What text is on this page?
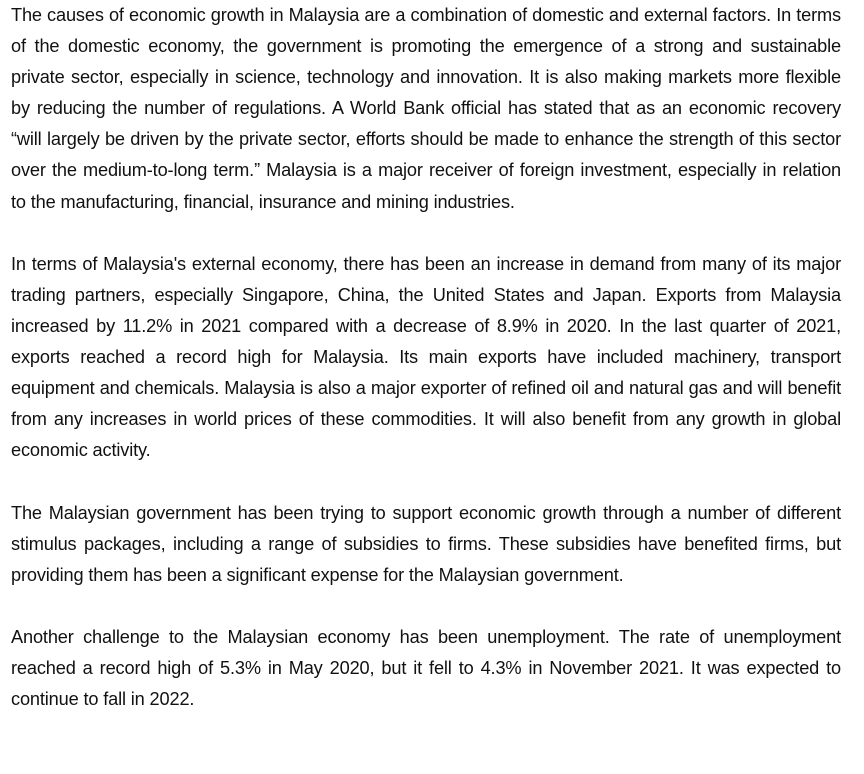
The causes of economic growth in Malaysia are a combination of domestic and external factors. In terms of the domestic economy, the government is promoting the emergence of a strong and sustainable private sector, especially in science, technology and innovation. It is also making markets more flexible by reducing the number of regulations. A World Bank official has stated that as an economic recovery “will largely be driven by the private sector, efforts should be made to enhance the strength of this sector over the medium-to-long term.” Malaysia is a major receiver of foreign investment, especially in relation to the manufacturing, financial, insurance and mining industries.

In terms of Malaysia's external economy, there has been an increase in demand from many of its major trading partners, especially Singapore, China, the United States and Japan. Exports from Malaysia increased by 11.2% in 2021 compared with a decrease of 8.9% in 2020. In the last quarter of 2021, exports reached a record high for Malaysia. Its main exports have included machinery, transport equipment and chemicals. Malaysia is also a major exporter of refined oil and natural gas and will benefit from any increases in world prices of these commodities. It will also benefit from any growth in global economic activity.

The Malaysian government has been trying to support economic growth through a number of different stimulus packages, including a range of subsidies to firms. These subsidies have benefited firms, but providing them has been a significant expense for the Malaysian government.

Another challenge to the Malaysian economy has been unemployment. The rate of unemployment reached a record high of 5.3% in May 2020, but it fell to 4.3% in November 2021. It was expected to continue to fall in 2022.
